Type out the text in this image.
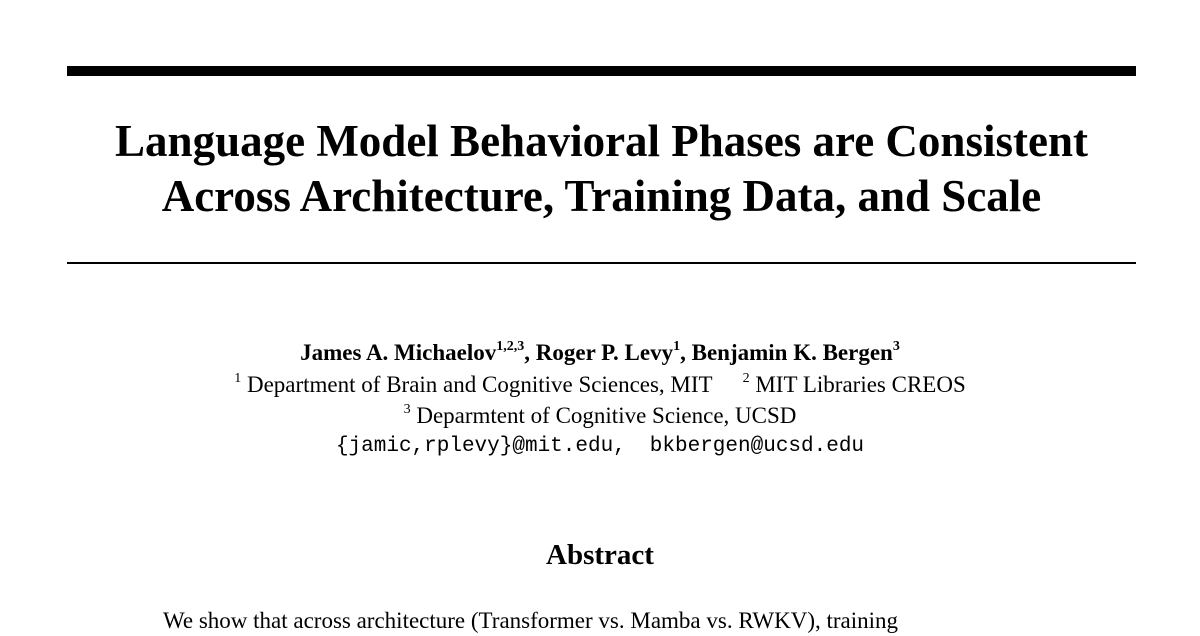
Language Model Behavioral Phases are Consistent
Across Architecture, Training Data, and Scale
James A. Michaelov$^{1,2,3}$, Roger P. Levy$^1$, Benjamin K. Bergen$^3$
$^1$ Department of Brain and Cognitive Sciences, MIT $^2$ MIT Libraries CREOS
$^3$ Deparmtent of Cognitive Science, UCSD
{jamic,rplevy}@mit.edu, bkbergen@ucsd.edu
Abstract
We show that across architecture (Transformer vs. Mamba vs. RWKV), training
